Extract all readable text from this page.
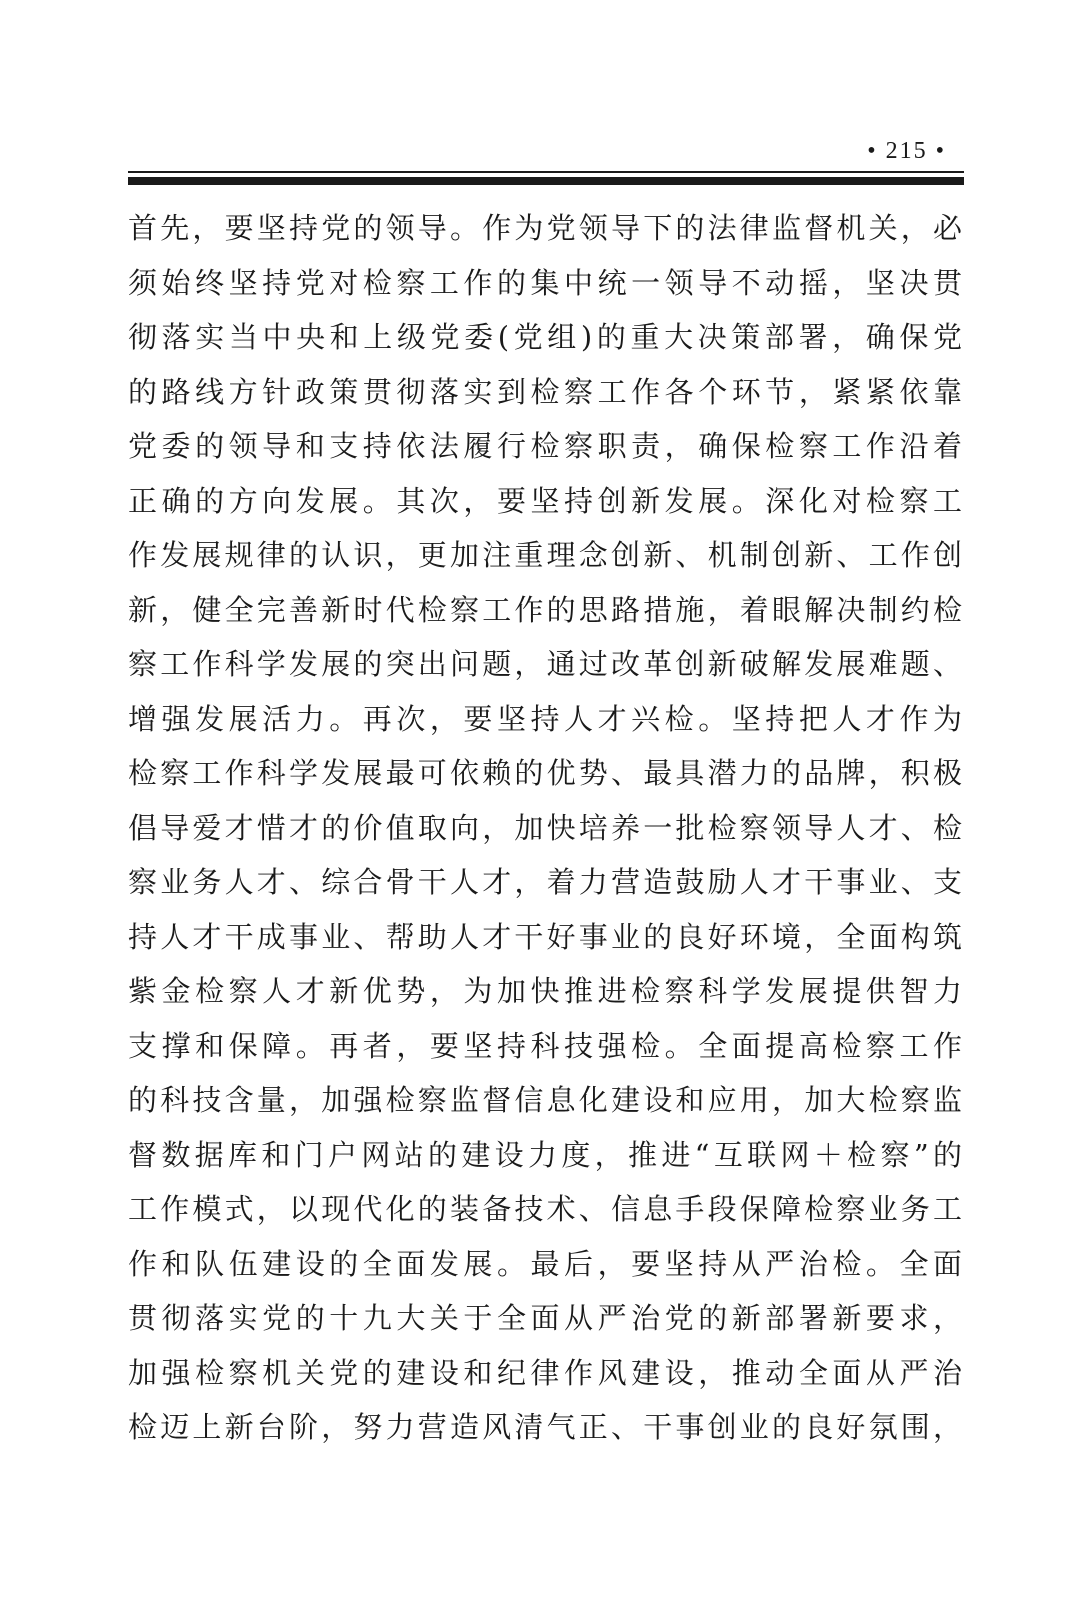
• 215 •
首先，要坚持党的领导。作为党领导下的法律监督机关，必
须始终坚持党对检察工作的集中统一领导不动摇，坚决贯
彻落实当中央和上级党委(党组)的重大决策部署，确保党
的路线方针政策贯彻落实到检察工作各个环节，紧紧依靠
党委的领导和支持依法履行检察职责，确保检察工作沿着
正确的方向发展。其次，要坚持创新发展。深化对检察工
作发展规律的认识，更加注重理念创新、机制创新、工作创
新，健全完善新时代检察工作的思路措施，着眼解决制约检
察工作科学发展的突出问题，通过改革创新破解发展难题、
增强发展活力。再次，要坚持人才兴检。坚持把人才作为
检察工作科学发展最可依赖的优势、最具潜力的品牌，积极
倡导爱才惜才的价值取向，加快培养一批检察领导人才、检
察业务人才、综合骨干人才，着力营造鼓励人才干事业、支
持人才干成事业、帮助人才干好事业的良好环境，全面构筑
紫金检察人才新优势，为加快推进检察科学发展提供智力
支撑和保障。再者，要坚持科技强检。全面提高检察工作
的科技含量，加强检察监督信息化建设和应用，加大检察监
督数据库和门户网站的建设力度，推进“互联网＋检察”的
工作模式，以现代化的装备技术、信息手段保障检察业务工
作和队伍建设的全面发展。最后，要坚持从严治检。全面
贯彻落实党的十九大关于全面从严治党的新部署新要求，
加强检察机关党的建设和纪律作风建设，推动全面从严治
检迈上新台阶，努力营造风清气正、干事创业的良好氛围，
